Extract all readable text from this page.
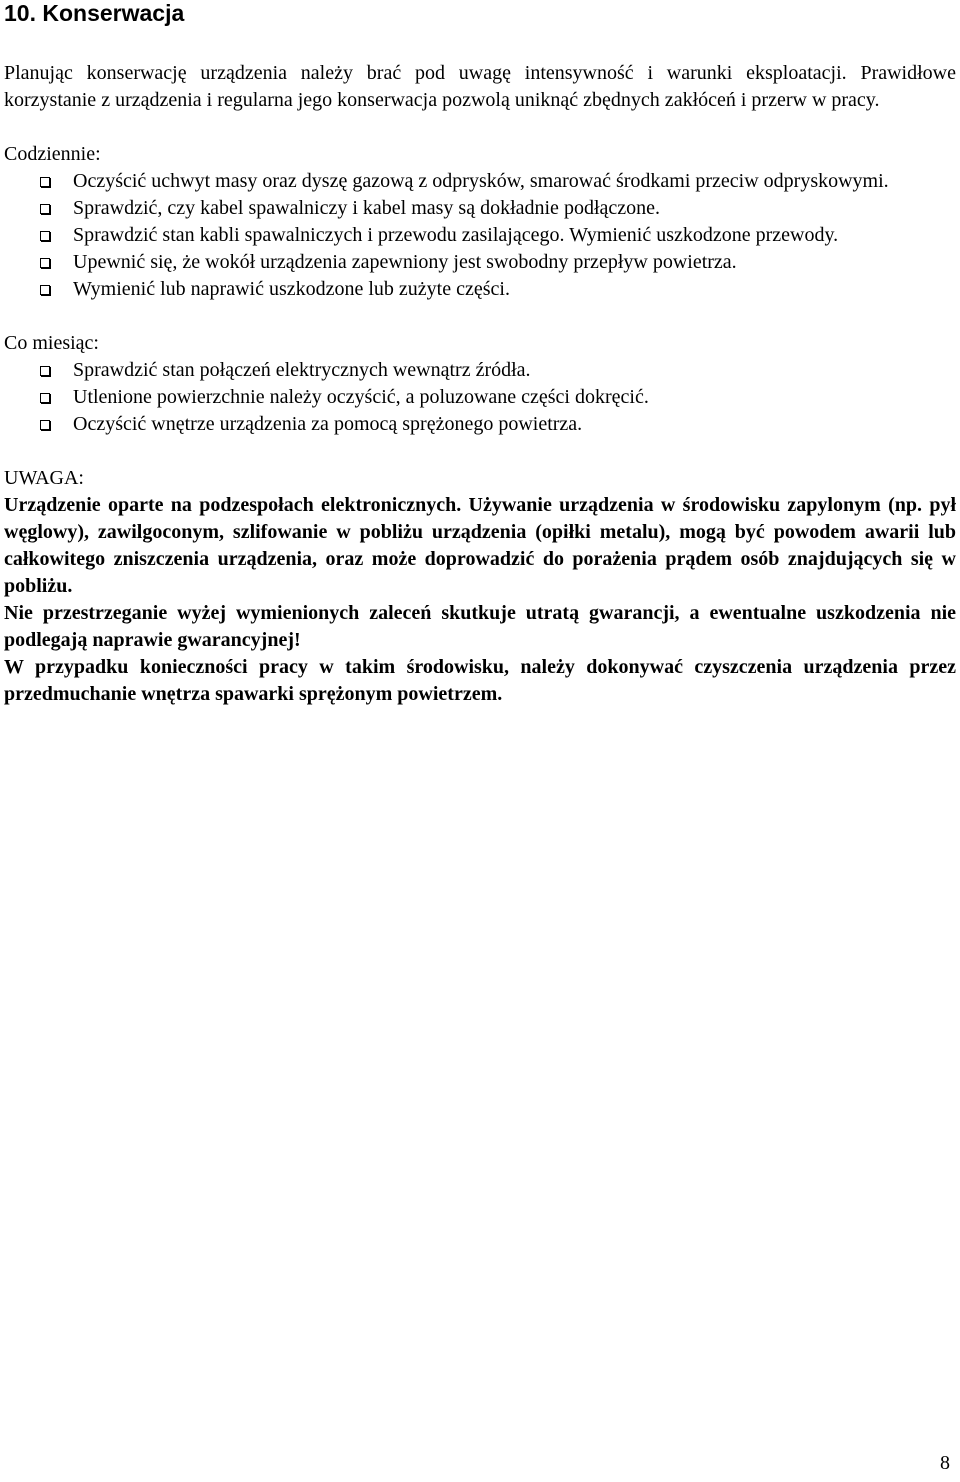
10. Konserwacja

Planując konserwację urządzenia należy brać pod uwagę intensywność i warunki eksploatacji. Prawidłowe korzystanie z urządzenia i regularna jego konserwacja pozwolą uniknąć zbędnych zakłóceń i przerw w pracy.

Codziennie:
Oczyścić uchwyt masy oraz dyszę gazową z odprysków, smarować środkami przeciw odpryskowymi.
Sprawdzić, czy kabel spawalniczy i kabel masy są dokładnie podłączone.
Sprawdzić stan kabli spawalniczych i przewodu zasilającego. Wymienić uszkodzone przewody.
Upewnić się, że wokół urządzenia zapewniony jest swobodny przepływ powietrza.
Wymienić lub naprawić uszkodzone lub zużyte części.
Co miesiąc:
Sprawdzić stan połączeń elektrycznych wewnątrz źródła.
Utlenione powierzchnie należy oczyścić, a poluzowane części dokręcić.
Oczyścić wnętrze urządzenia za pomocą sprężonego powietrza.
UWAGA:

Urządzenie oparte na podzespołach elektronicznych. Używanie urządzenia w środowisku zapylonym (np. pył węglowy), zawilgoconym, szlifowanie w pobliżu urządzenia (opiłki metalu), mogą być powodem awarii lub całkowitego zniszczenia urządzenia, oraz może doprowadzić do porażenia prądem osób znajdujących się w pobliżu.

Nie przestrzeganie wyżej wymienionych zaleceń skutkuje utratą gwarancji, a ewentualne uszkodzenia nie podlegają naprawie gwarancyjnej!

W przypadku konieczności pracy w takim środowisku, należy dokonywać czyszczenia urządzenia przez przedmuchanie wnętrza spawarki sprężonym powietrzem.

8
